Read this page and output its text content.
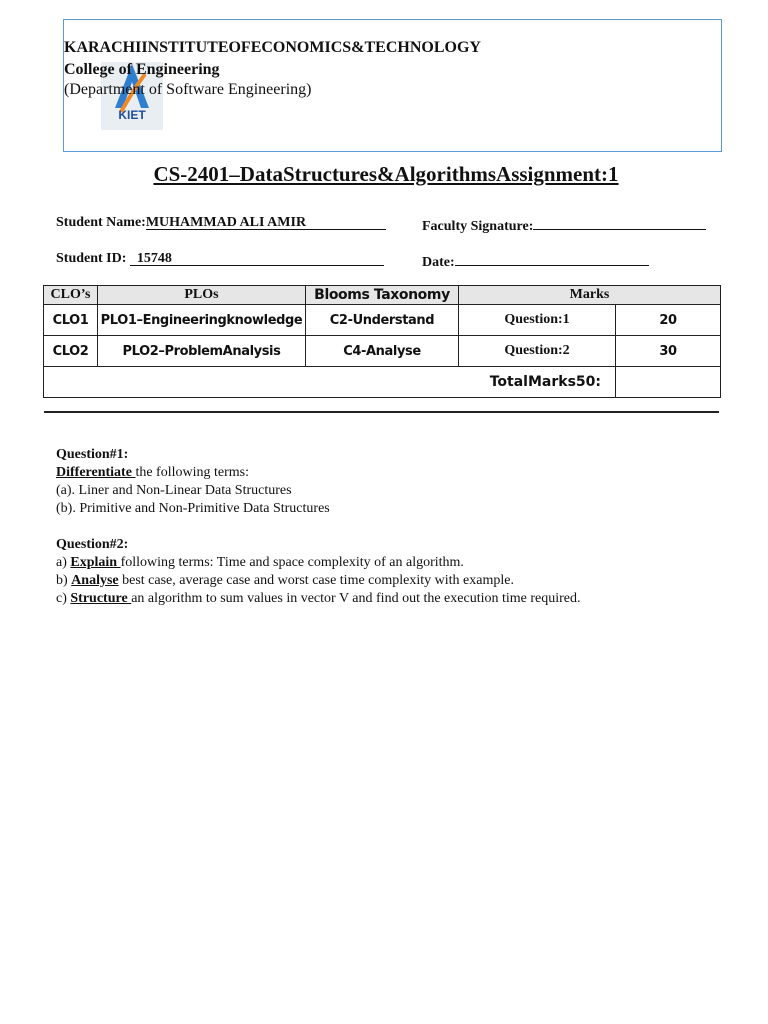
KIET
KARACHIINSTITUTEOFECONOMICS&TECHNOLOGY
College of Engineering
(Department of Software Engineering)
CS-2401–DataStructures&AlgorithmsAssignment:1
Student Name:MUHAMMAD ALI AMIR	Faculty Signature:
Student ID: 15748	Date:
CLO’s	PLOs	Blooms Taxonomy	Marks	
CLO1	PLO1–Engineeringknowledge	C2-Understand	Question:1	20
CLO2	PLO2–ProblemAnalysis	C4-Analyse	Question:2	30
TotalMarks50:				

Question#1:

Differentiate the following terms:

(a). Liner and Non-Linear Data Structures

(b). Primitive and Non-Primitive Data Structures

Question#2:

a) Explain following terms: Time and space complexity of an algorithm.

b) Analyse best case, average case and worst case time complexity with example.

c) Structure an algorithm to sum values in vector V and find out the execution time required.
